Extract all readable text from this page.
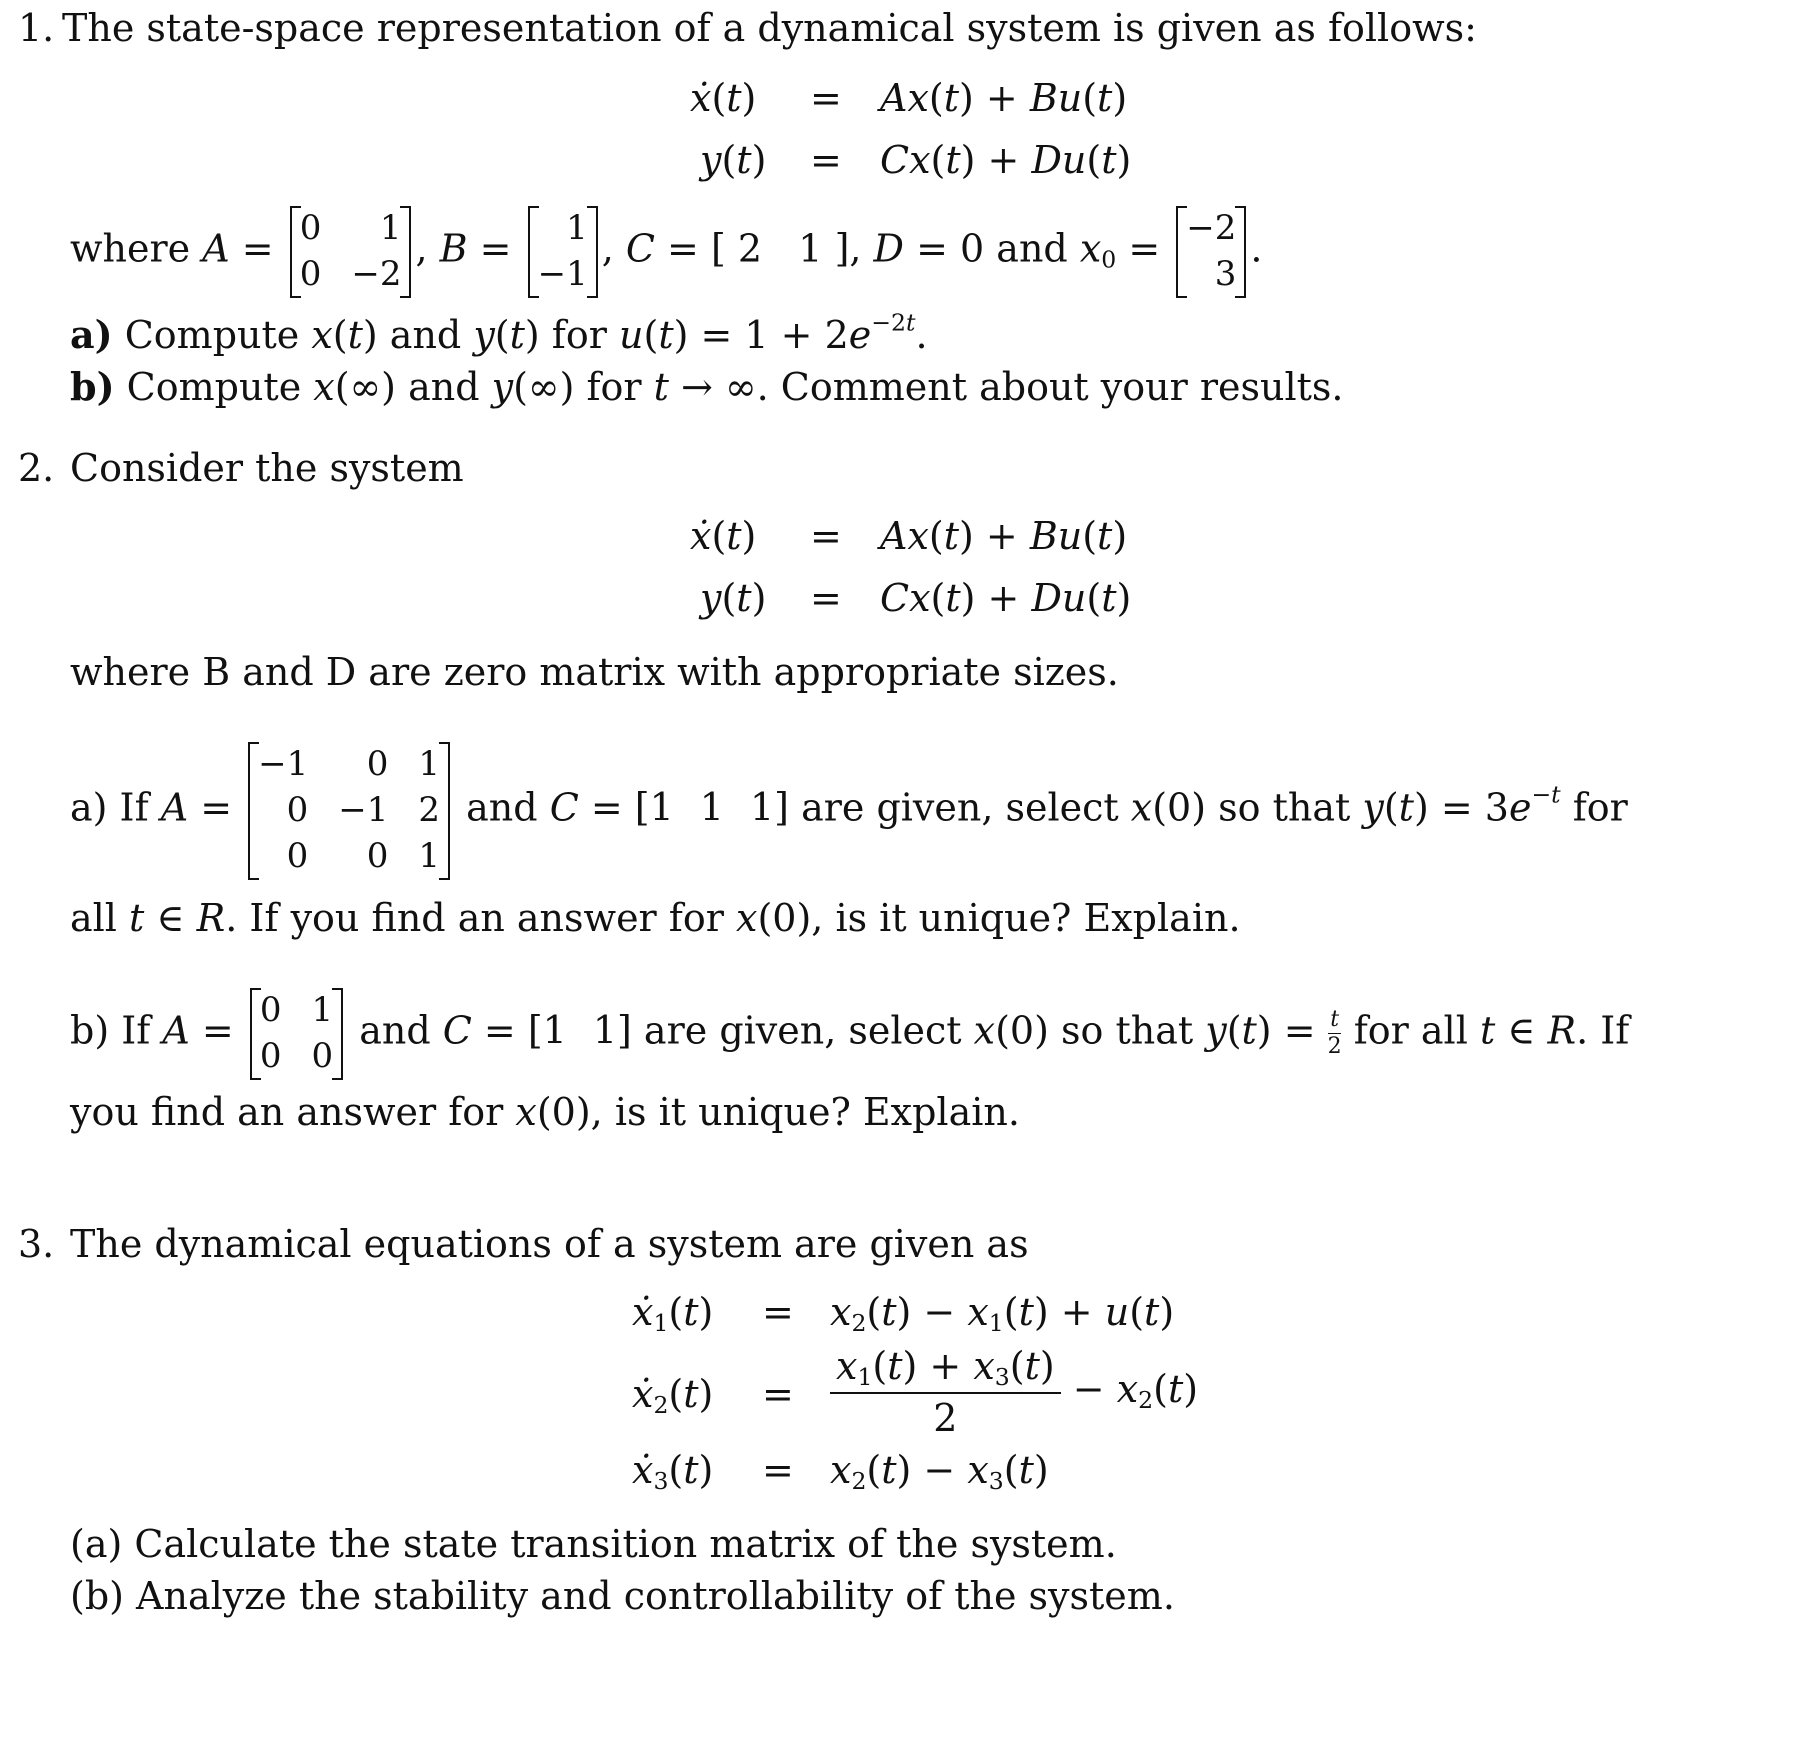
1. The state-space representation of a dynamical system is given as follows:
ẋ(t) = Ax(t) + Bu(t)
y(t) = Cx(t) + Du(t)
where A = 0	1
0 −2
, B =	1
−1
, C = [ 2 1 ], D = 0 and $x_0 = -2$
3
.
a) Compute x(t) and y(t) for $u(t) = 1 + 2e^{-2t}$.
b) Compute x(∞) and y(∞) for t → ∞. Comment about your results.
2. Consider the system
ẋ(t) = Ax(t) + Bu(t)
y(t) = Cx(t) + Du(t)
where B and D are zero matrix with appropriate sizes.
a) If A =
−1	0 1
0 −1 2
0	0 1
and C = [ 1 1 1 ] are given, select x(0) so that $y(t) = 3e^{-t}$ for
all t ∈ R. If you find an answer for x(0), is it unique? Explain.
b) If A = 0 1
0 0
and C = [ 1 1 ] are given, select x(0) so that $y(t) = \frac{t}{2}$ for all t ∈ R. If
you find an answer for x(0), is it unique? Explain.
3. The dynamical equations of a system are given as
ẋ$_1$(t) = $x_2(t) - x_1(t) + u(t)$
ẋ$_2$(t) = $\frac{x_1(t) + x_3(t)}{2} - x_2(t)$
ẋ$_3$(t) = $x_2(t) - x_3(t)$
(a) Calculate the state transition matrix of the system.
(b) Analyze the stability and controllability of the system.
